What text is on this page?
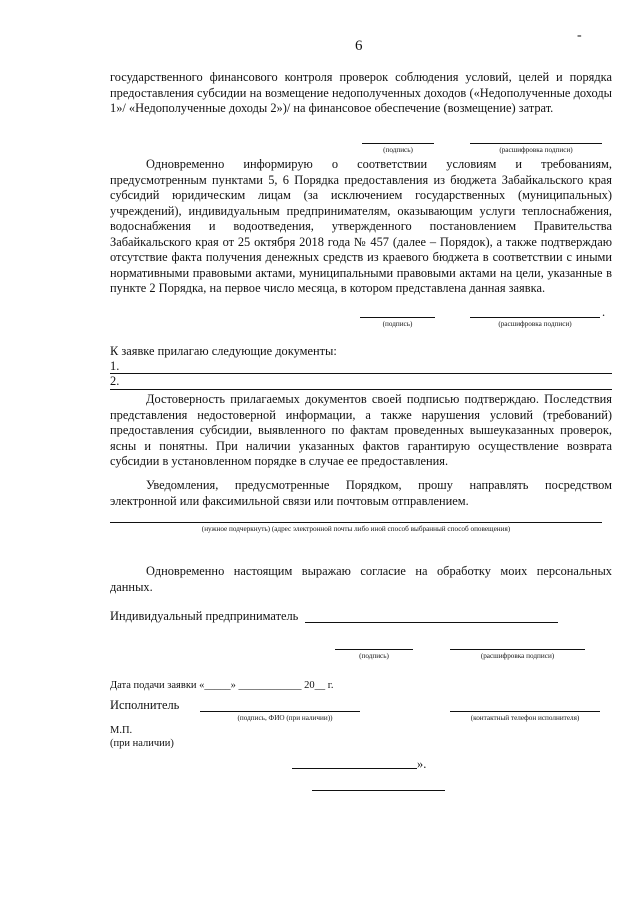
6
-
государственного финансового контроля проверок соблюдения условий, целей и порядка предоставления субсидии на возмещение недополученных доходов («Недополученные доходы 1»/ «Недополученные доходы 2»)/ на финансовое обеспечение (возмещение) затрат.
(подпись)	(расшифровка подписи)
Одновременно информирую о соответствии условиям и требованиям, предусмотренным пунктами 5, 6 Порядка предоставления из бюджета Забайкальского края субсидий юридическим лицам (за исключением государственных (муниципальных) учреждений), индивидуальным предпринимателям, оказывающим услуги теплоснабжения, водоснабжения и водоотведения, утвержденного постановлением Правительства Забайкальского края от 25 октября 2018 года № 457 (далее – Порядок), а также подтверждаю отсутствие факта получения денежных средств из краевого бюджета в соответствии с иными нормативными правовыми актами, муниципальными правовыми актами на цели, указанные в пункте 2 Порядка, на первое число месяца, в котором представлена данная заявка.
.
(подпись)	(расшифровка подписи)
К заявке прилагаю следующие документы:
1.
2.
Достоверность прилагаемых документов своей подписью подтверждаю. Последствия представления недостоверной информации, а также нарушения условий (требований) предоставления субсидии, выявленного по фактам проведенных вышеуказанных проверок, ясны и понятны. При наличии указанных фактов гарантирую осуществление возврата субсидии в установленном порядке в случае ее предоставления.
Уведомления, предусмотренные Порядком, прошу направлять посредством электронной или факсимильной связи или почтовым отправлением.
(нужное подчеркнуть) (адрес электронной почты либо иной способ выбранный способ оповещения)
Одновременно настоящим выражаю согласие на обработку моих персональных данных.
Индивидуальный предприниматель
(подпись)	(расшифровка подписи)
Дата подачи заявки «_____» ____________ 20__ г.
Исполнитель
(подпись, ФИО (при наличии))	(контактный телефон исполнителя)
М.П.
(при наличии)
».
